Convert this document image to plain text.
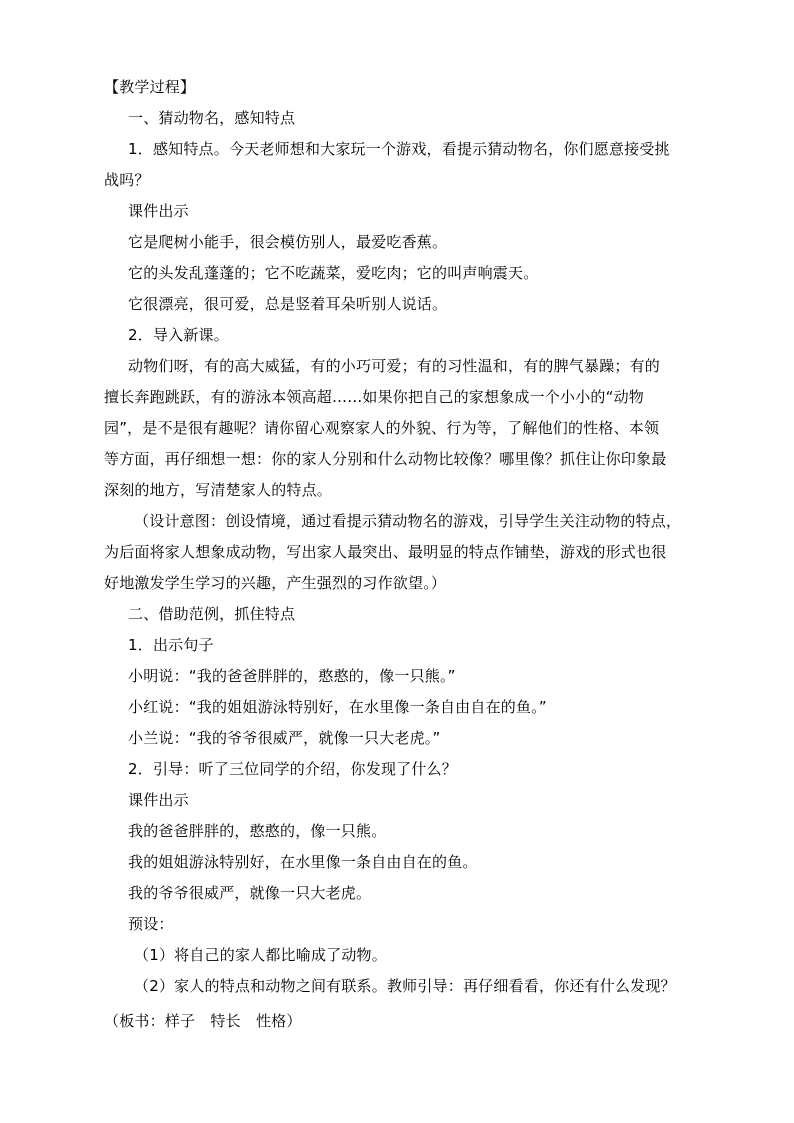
【教学过程】
一、猜动物名，感知特点
1．感知特点。今天老师想和大家玩一个游戏，看提示猜动物名，你们愿意接受挑
战吗？
课件出示
它是爬树小能手，很会模仿别人，最爱吃香蕉。
它的头发乱蓬蓬的；它不吃蔬菜，爱吃肉；它的叫声响震天。
它很漂亮，很可爱，总是竖着耳朵听别人说话。
2．导入新课。
动物们呀，有的高大威猛，有的小巧可爱；有的习性温和，有的脾气暴躁；有的
擅长奔跑跳跃，有的游泳本领高超……如果你把自己的家想象成一个小小的“动物
园”，是不是很有趣呢？请你留心观察家人的外貌、行为等，了解他们的性格、本领
等方面，再仔细想一想：你的家人分别和什么动物比较像？哪里像？抓住让你印象最
深刻的地方，写清楚家人的特点。
（设计意图：创设情境，通过看提示猜动物名的游戏，引导学生关注动物的特点，
为后面将家人想象成动物，写出家人最突出、最明显的特点作铺垫，游戏的形式也很
好地激发学生学习的兴趣，产生强烈的习作欲望。）
二、借助范例，抓住特点
1．出示句子
小明说：“我的爸爸胖胖的，憨憨的，像一只熊。”
小红说：“我的姐姐游泳特别好，在水里像一条自由自在的鱼。”
小兰说：“我的爷爷很威严，就像一只大老虎。”
2．引导：听了三位同学的介绍，你发现了什么？
课件出示
我的爸爸胖胖的，憨憨的，像一只熊。
我的姐姐游泳特别好，在水里像一条自由自在的鱼。
我的爷爷很威严，就像一只大老虎。
预设：
（1）将自己的家人都比喻成了动物。
（2）家人的特点和动物之间有联系。教师引导：再仔细看看，你还有什么发现？
（板书：样子　特长　性格）
